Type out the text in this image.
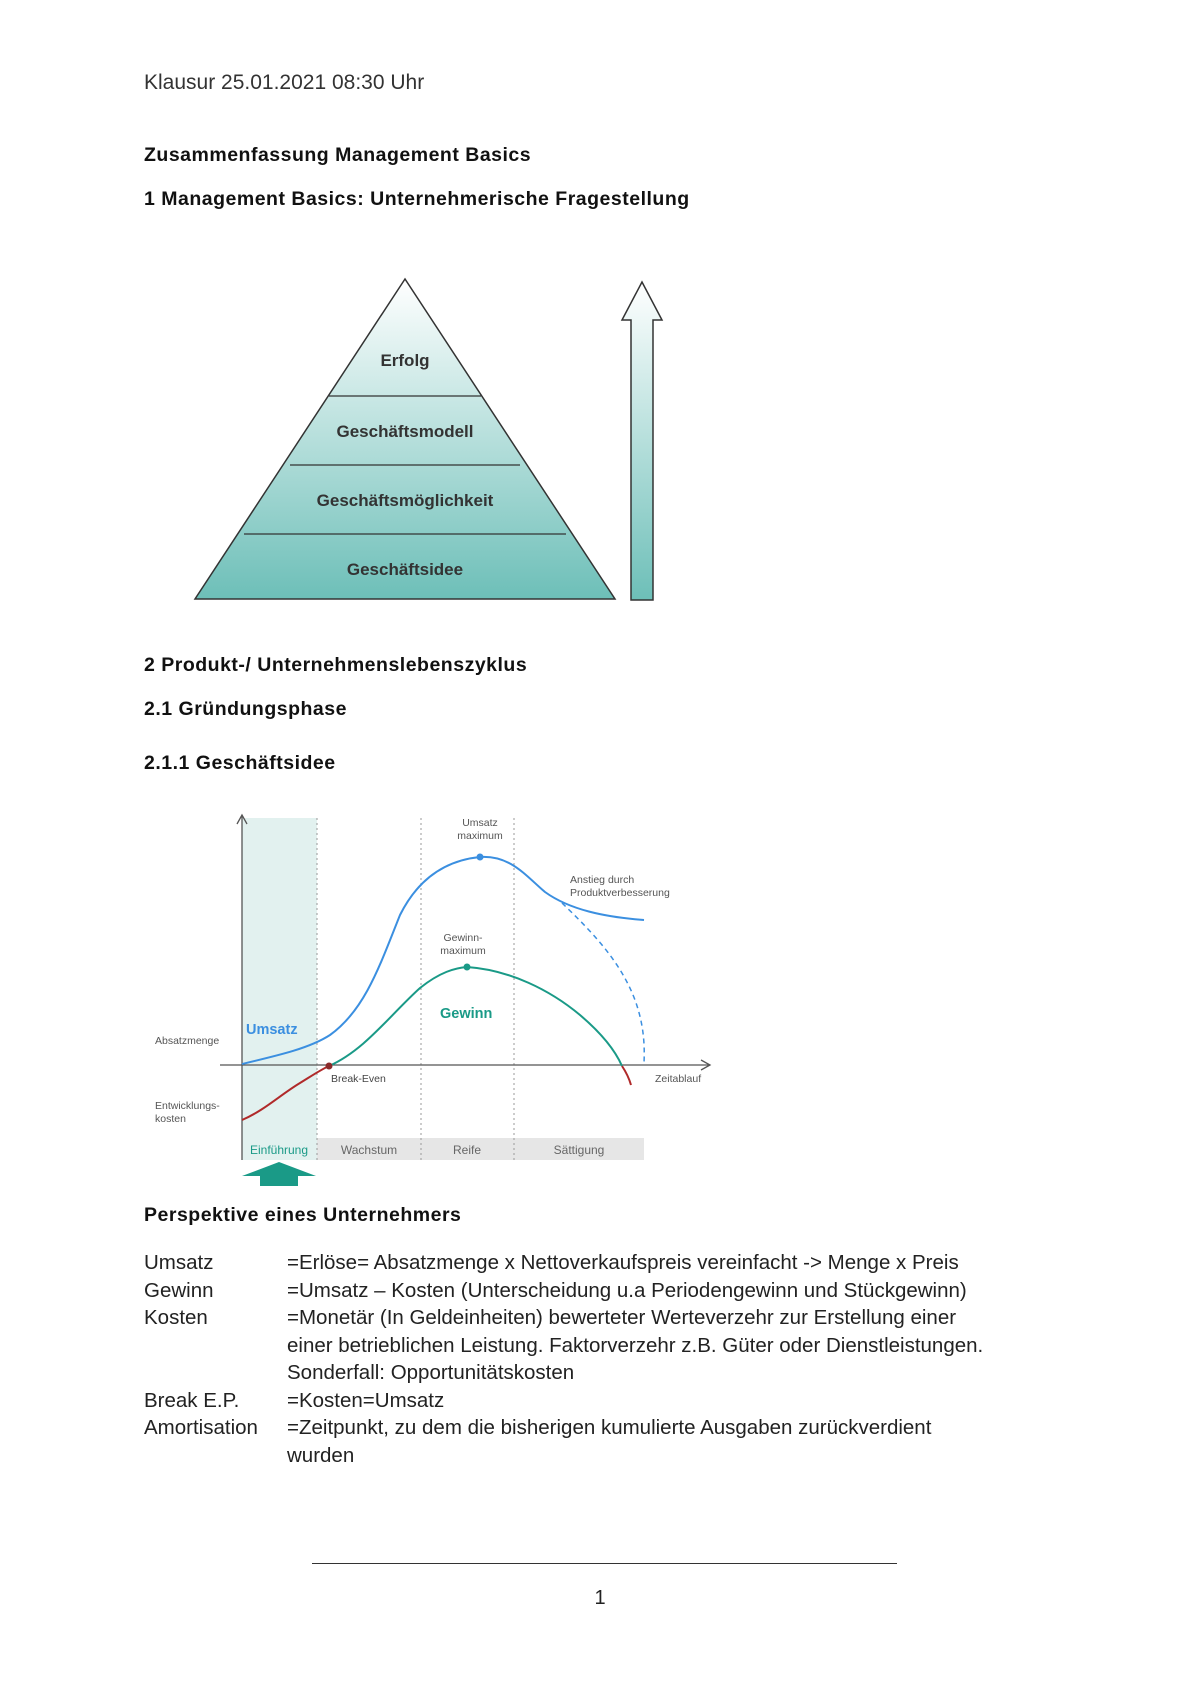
Klausur 25.01.2021 08:30 Uhr
Zusammenfassung Management Basics
1 Management Basics: Unternehmerische Fragestellung
Erfolg
Geschäftsmodell
Geschäftsmöglichkeit
Geschäftsidee
2 Produkt-/ Unternehmenslebenszyklus
2.1 Gründungsphase
2.1.1 Geschäftsidee
Umsatz
Gewinn
Absatzmenge
Entwicklungs-
kosten
Umsatz
maximum
Gewinn-
maximum
Anstieg durch
Produktverbesserung
Break-Even	Zeitablauf
Einführung	Wachstum	Reife	Sättigung
Perspektive eines Unternehmers
Umsatz	=Erlöse= Absatzmenge x Nettoverkaufspreis vereinfacht -> Menge x Preis
Gewinn	=Umsatz – Kosten (Unterscheidung u.a Periodengewinn und Stückgewinn)
Kosten	=Monetär (In Geldeinheiten) bewerteter Werteverzehr zur Erstellung einer
einer betrieblichen Leistung. Faktorverzehr z.B. Güter oder Dienstleistungen.
Sonderfall: Opportunitätskosten
Break E.P.	=Kosten=Umsatz
Amortisation	=Zeitpunkt, zu dem die bisherigen kumulierte Ausgaben zurückverdient
wurden
1
